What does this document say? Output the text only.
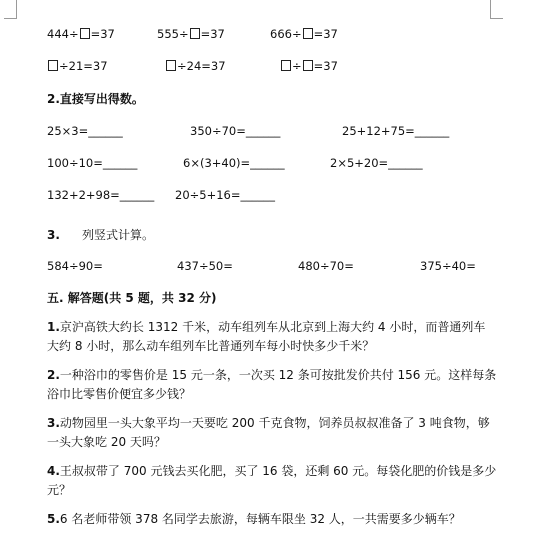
444÷ =37	555÷ =37	666÷ =37
÷21=37	÷24=37	÷ =37
2.直接写出得数。
25×3=______	350÷70=______	25+12+75=______
100÷10=______	6×(3+40)=______	2×5+20=______
132+2+98=______ 20÷5+16=______
3. 列竖式计算。
584÷90=	437÷50=	480÷70=	375÷40=
五. 解答题(共 5 题，共 32 分)
1.京沪高铁大约长 1312 千米，动车组列车从北京到上海大约 4 小时，而普通列车大约 8 小时，那么动车组列车比普通列车每小时快多少千米？
2.一种浴巾的零售价是 15 元一条，一次买 12 条可按批发价共付 156 元。这样每条浴巾比零售价便宜多少钱？
3.动物园里一头大象平均一天要吃 200 千克食物，饲养员叔叔准备了 3 吨食物，够一头大象吃 20 天吗？
4.王叔叔带了 700 元钱去买化肥，买了 16 袋，还剩 60 元。每袋化肥的价钱是多少元？
5.6 名老师带领 378 名同学去旅游，每辆车限坐 32 人，一共需要多少辆车？
